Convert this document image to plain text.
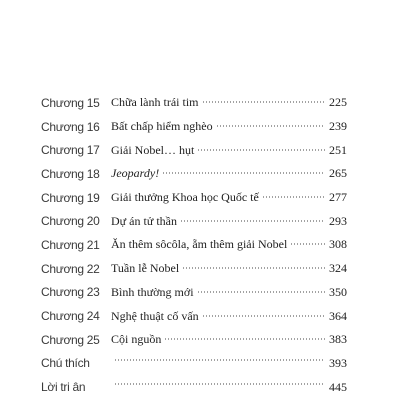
Chương 15 Chữa lành trái tim	225
Chương 16 Bất chấp hiểm nghèo	239
Chương 17 Giải Nobel… hụt	251
Chương 18 Jeopardy!	265
Chương 19 Giải thưởng Khoa học Quốc tế	277
Chương 20 Dự án tử thần	293
Chương 21 Ăn thêm sôcôla, ẵm thêm giải Nobel	308
Chương 22 Tuần lễ Nobel	324
Chương 23 Bình thường mới	350
Chương 24 Nghệ thuật cố vấn	364
Chương 25 Cội nguồn	383
Chú thích	393
Lời tri ân	445
